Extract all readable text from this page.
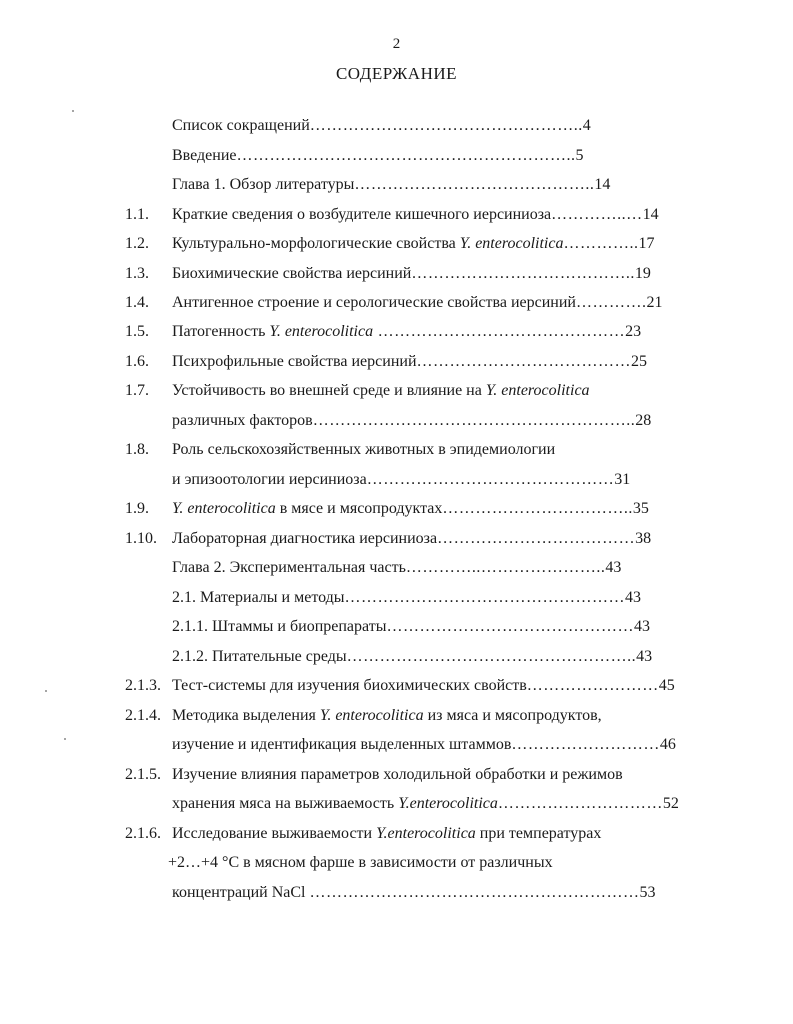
2
СОДЕРЖАНИЕ
Список сокращений…………………………………………..4
Введение……………………………………………………..5
Глава 1. Обзор литературы……………………………………..14
1.1.	Краткие сведения о возбудителе кишечного иерсиниоза…………..…14
1.2.	Культурально-морфологические свойства Y. enterocolitica…………..17
1.3.	Биохимические свойства иерсиний…………………………………..19
1.4.	Антигенное строение и серологические свойства иерсиний………….21
1.5.	Патогенность Y. enterocolitica ………………………………………23
1.6.	Психрофильные свойства иерсиний…………………………………25
1.7.	Устойчивость во внешней среде и влияние на Y. enterocolitica
различных факторов…………………………………………………..28
1.8.	Роль сельскохозяйственных животных в эпидемиологии
и эпизоотологии иерсиниоза………………………………………31
1.9.	Y. enterocolitica в мясе и мясопродуктах……………………………..35
1.10. Лабораторная диагностика иерсиниоза………………………………38
Глава 2. Экспериментальная часть…………..…………………..43
2.1. Материалы и методы……………………………………………43
2.1.1. Штаммы и биопрепараты………………………………………43
2.1.2. Питательные среды……………………………………………..43
2.1.3. Тест-системы для изучения биохимических свойств……………………45
2.1.4. Методика выделения Y. enterocolitica из мяса и мясопродуктов,
изучение и идентификация выделенных штаммов………………………46
2.1.5. Изучение влияния параметров холодильной обработки и режимов
хранения мяса на выживаемость Y.enterocolitica…………………………52
2.1.6. Исследование выживаемости Y.enterocolitica при температурах
+2…+4 °С в мясном фарше в зависимости от различных
концентраций NaCl ……………………………………………………53
